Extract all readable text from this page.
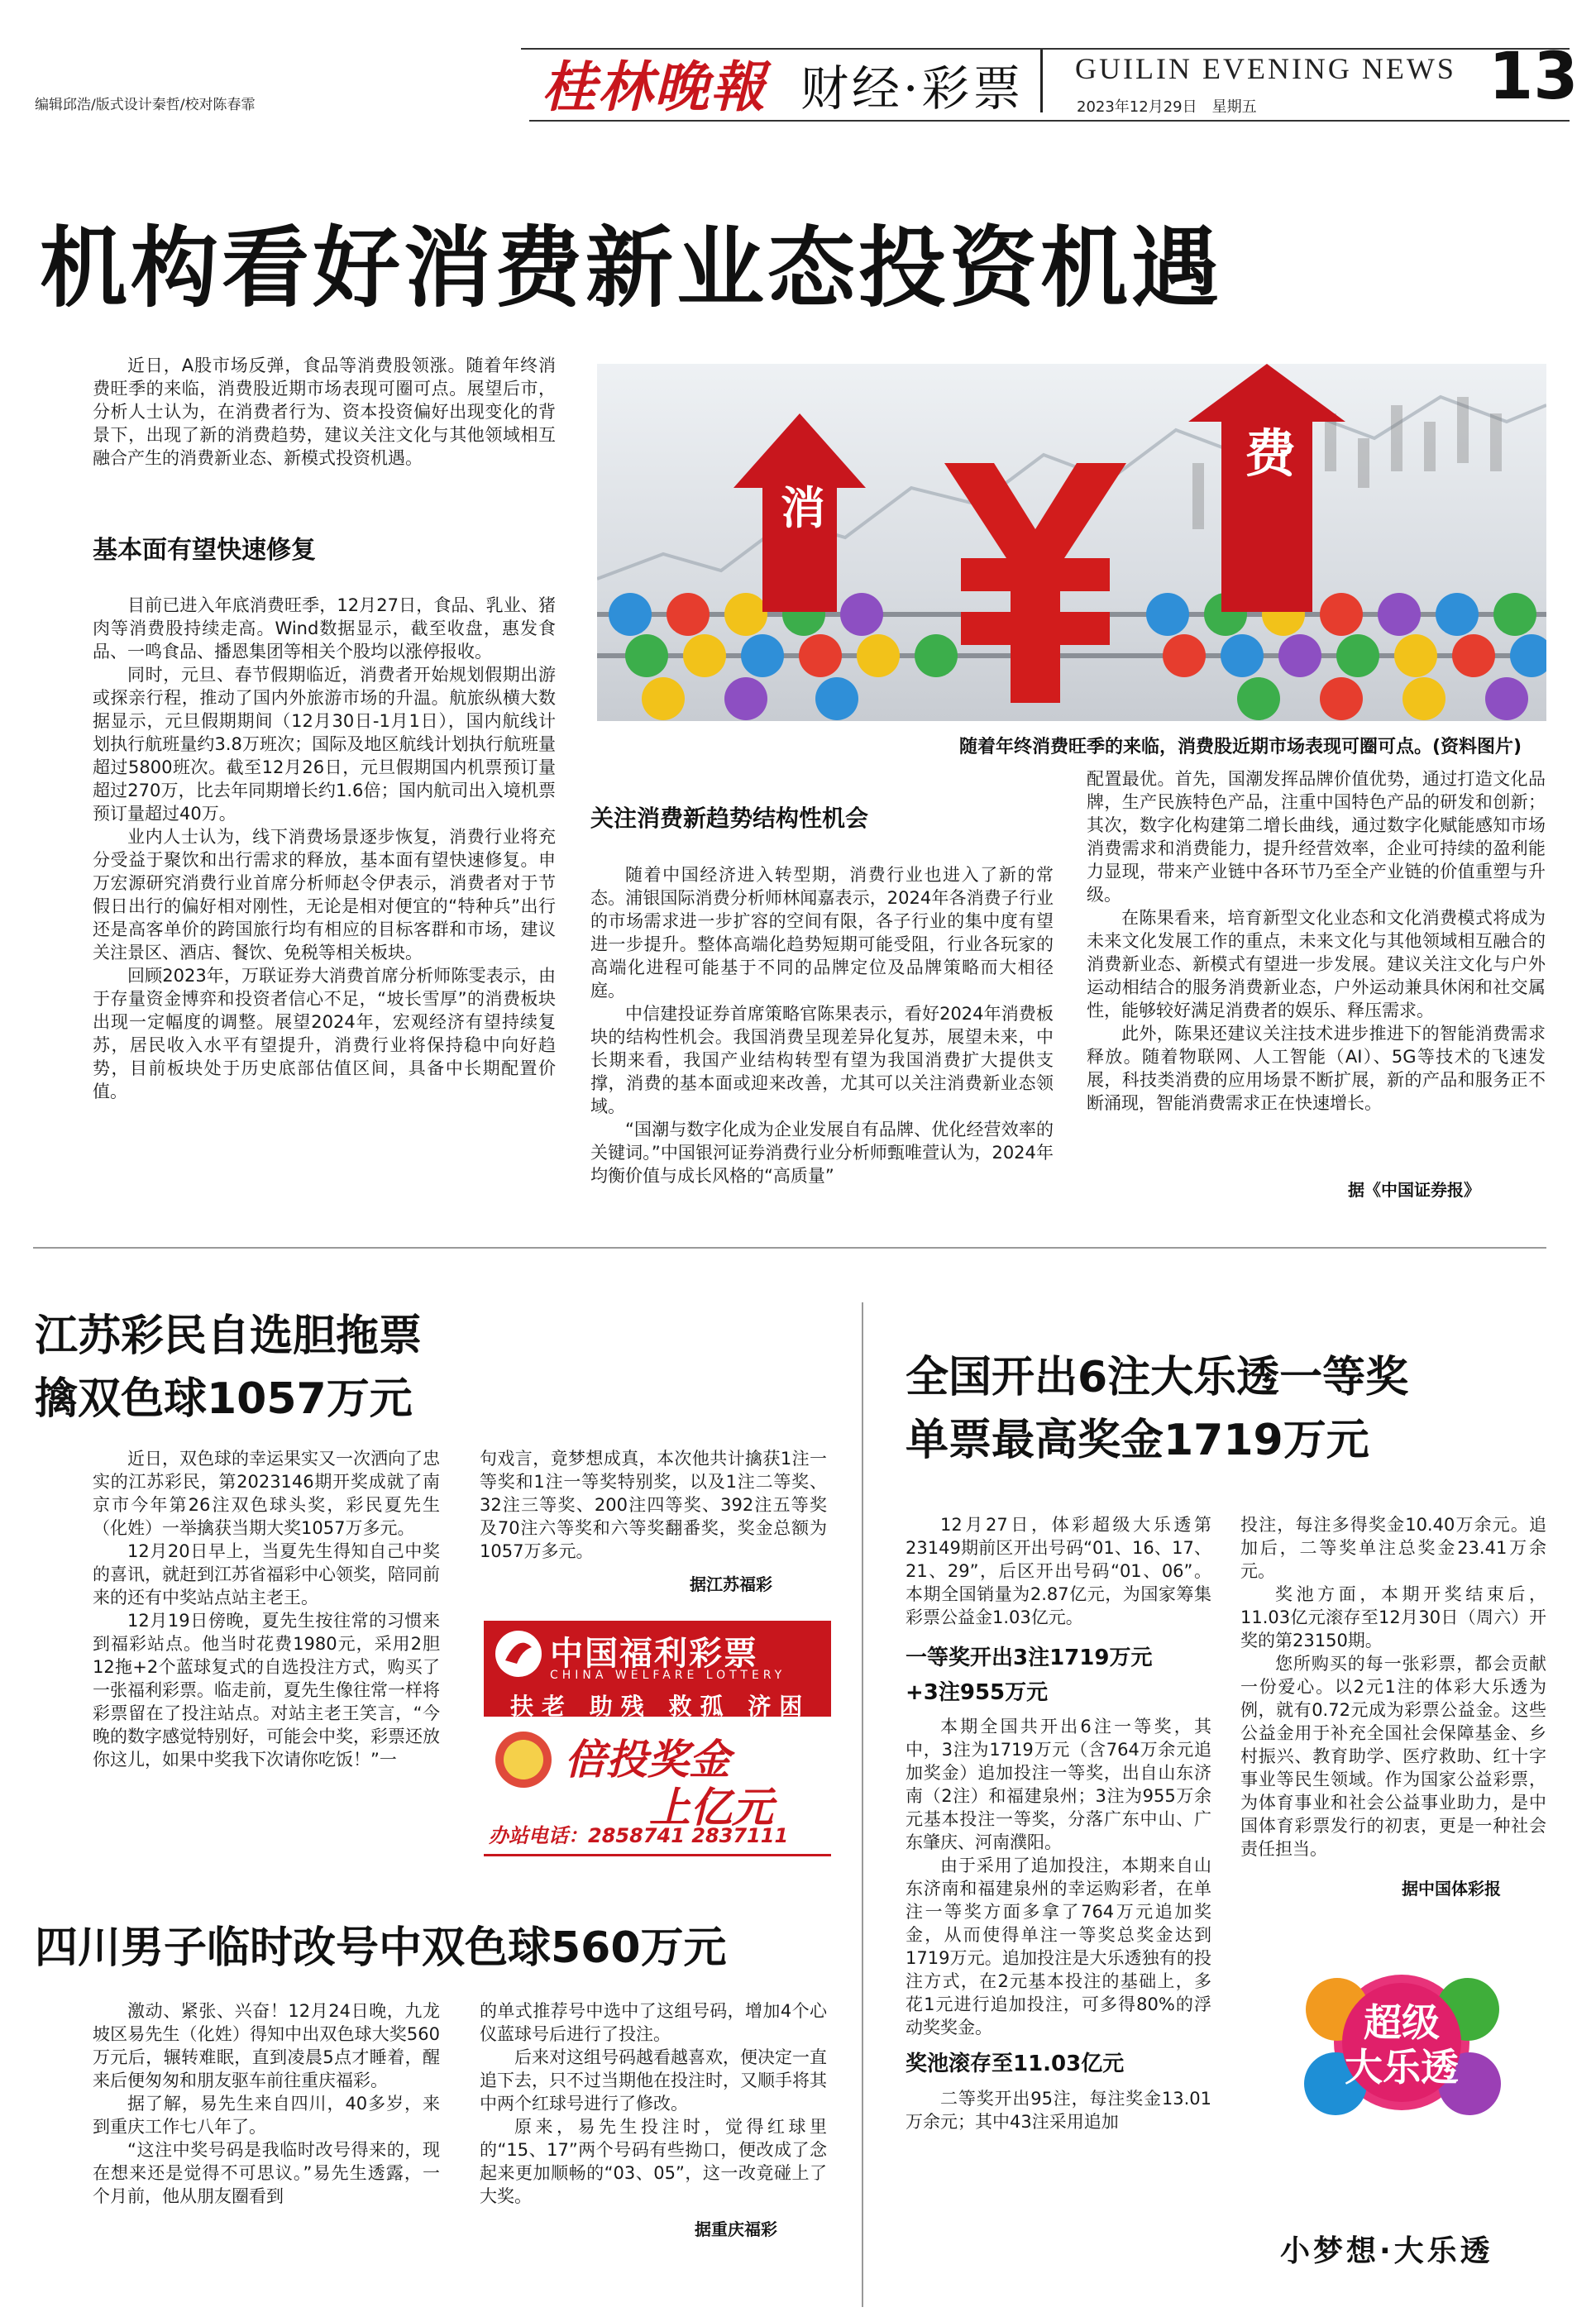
编辑邱浩/版式设计秦哲/校对陈春霏	桂林晚報 财经·彩票 GUILIN EVENING NEWS
2023年12月29日　星期五	13
机构看好消费新业态投资机遇

近日，A股市场反弹，食品等消费股领涨。随着年终消费旺季的来临，消费股近期市场表现可圈可点。展望后市，分析人士认为，在消费者行为、资本投资偏好出现变化的背景下，出现了新的消费趋势，建议关注文化与其他领域相互融合产生的消费新业态、新模式投资机遇。

基本面有望快速修复

目前已进入年底消费旺季，12月27日，食品、乳业、猪肉等消费股持续走高。Wind数据显示，截至收盘，惠发食品、一鸣食品、播恩集团等相关个股均以涨停报收。

同时，元旦、春节假期临近，消费者开始规划假期出游或探亲行程，推动了国内外旅游市场的升温。航旅纵横大数据显示，元旦假期期间（12月30日-1月1日），国内航线计划执行航班量约3.8万班次；国际及地区航线计划执行航班量超过5800班次。截至12月26日，元旦假期国内机票预订量超过270万，比去年同期增长约1.6倍；国内航司出入境机票预订量超过40万。

业内人士认为，线下消费场景逐步恢复，消费行业将充分受益于聚饮和出行需求的释放，基本面有望快速修复。申万宏源研究消费行业首席分析师赵令伊表示，消费者对于节假日出行的偏好相对刚性，无论是相对便宜的“特种兵”出行还是高客单价的跨国旅行均有相应的目标客群和市场，建议关注景区、酒店、餐饮、免税等相关板块。

回顾2023年，万联证券大消费首席分析师陈雯表示，由于存量资金博弈和投资者信心不足，“坡长雪厚”的消费板块出现一定幅度的调整。展望2024年，宏观经济有望持续复苏，居民收入水平有望提升，消费行业将保持稳中向好趋势，目前板块处于历史底部估值区间，具备中长期配置价值。

消
费
随着年终消费旺季的来临，消费股近期市场表现可圈可点。(资料图片)
关注消费新趋势结构性机会

随着中国经济进入转型期，消费行业也进入了新的常态。浦银国际消费分析师林闻嘉表示，2024年各消费子行业的市场需求进一步扩容的空间有限，各子行业的集中度有望进一步提升。整体高端化趋势短期可能受阻，行业各玩家的高端化进程可能基于不同的品牌定位及品牌策略而大相径庭。

中信建投证券首席策略官陈果表示，看好2024年消费板块的结构性机会。我国消费呈现差异化复苏，展望未来，中长期来看，我国产业结构转型有望为我国消费扩大提供支撑，消费的基本面或迎来改善，尤其可以关注消费新业态领域。

“国潮与数字化成为企业发展自有品牌、优化经营效率的关键词。”中国银河证券消费行业分析师甄唯萱认为，2024年均衡价值与成长风格的“高质量”

配置最优。首先，国潮发挥品牌价值优势，通过打造文化品牌，生产民族特色产品，注重中国特色产品的研发和创新；其次，数字化构建第二增长曲线，通过数字化赋能感知市场消费需求和消费能力，提升经营效率，企业可持续的盈利能力显现，带来产业链中各环节乃至全产业链的价值重塑与升级。

在陈果看来，培育新型文化业态和文化消费模式将成为未来文化发展工作的重点，未来文化与其他领域相互融合的消费新业态、新模式有望进一步发展。建议关注文化与户外运动相结合的服务消费新业态，户外运动兼具休闲和社交属性，能够较好满足消费者的娱乐、释压需求。

此外，陈果还建议关注技术进步推进下的智能消费需求释放。随着物联网、人工智能（AI）、5G等技术的飞速发展，科技类消费的应用场景不断扩展，新的产品和服务正不断涌现，智能消费需求正在快速增长。

据《中国证券报》
江苏彩民自选胆拖票
擒双色球1057万元

近日，双色球的幸运果实又一次洒向了忠实的江苏彩民，第2023146期开奖成就了南京市今年第26注双色球头奖，彩民夏先生（化姓）一举擒获当期大奖1057万多元。

12月20日早上，当夏先生得知自己中奖的喜讯，就赶到江苏省福彩中心领奖，陪同前来的还有中奖站点站主老王。

12月19日傍晚，夏先生按往常的习惯来到福彩站点。他当时花费1980元，采用2胆12拖+2个蓝球复式的自选投注方式，购买了一张福利彩票。临走前，夏先生像往常一样将彩票留在了投注站点。对站主老王笑言，“今晚的数字感觉特别好，可能会中奖，彩票还放你这儿，如果中奖我下次请你吃饭！”一

句戏言，竟梦想成真，本次他共计擒获1注一等奖和1注一等奖特别奖，以及1注二等奖、32注三等奖、200注四等奖、392注五等奖及70注六等奖和六等奖翻番奖，奖金总额为1057万多元。

据江苏福彩
中国福利彩票
CHINA WELFARE LOTTERY
扶老 助残 救孤 济困
倍投奖金
上亿元
办站电话：2858741 2837111
四川男子临时改号中双色球560万元

激动、紧张、兴奋！12月24日晚，九龙坡区易先生（化姓）得知中出双色球大奖560万元后，辗转难眠，直到凌晨5点才睡着，醒来后便匆匆和朋友驱车前往重庆福彩。

据了解，易先生来自四川，40多岁，来到重庆工作七八年了。

“这注中奖号码是我临时改号得来的，现在想来还是觉得不可思议。”易先生透露，一个月前，他从朋友圈看到

的单式推荐号中选中了这组号码，增加4个心仪蓝球号后进行了投注。

后来对这组号码越看越喜欢，便决定一直追下去，只不过当期他在投注时，又顺手将其中两个红球号进行了修改。

原来，易先生投注时，觉得红球里的“15、17”两个号码有些拗口，便改成了念起来更加顺畅的“03、05”，这一改竟碰上了大奖。

据重庆福彩
全国开出6注大乐透一等奖
单票最高奖金1719万元

12月27日，体彩超级大乐透第23149期前区开出号码“01、16、17、21、29”，后区开出号码“01、06”。本期全国销量为2.87亿元，为国家筹集彩票公益金1.03亿元。

一等奖开出3注1719万元
+3注955万元

本期全国共开出6注一等奖，其中，3注为1719万元（含764万余元追加奖金）追加投注一等奖，出自山东济南（2注）和福建泉州；3注为955万余元基本投注一等奖，分落广东中山、广东肇庆、河南濮阳。

由于采用了追加投注，本期来自山东济南和福建泉州的幸运购彩者，在单注一等奖方面多拿了764万元追加奖金，从而使得单注一等奖总奖金达到1719万元。追加投注是大乐透独有的投注方式，在2元基本投注的基础上，多花1元进行追加投注，可多得80%的浮动奖奖金。

奖池滚存至11.03亿元

二等奖开出95注，每注奖金13.01万余元；其中43注采用追加

投注，每注多得奖金10.40万余元。追加后，二等奖单注总奖金23.41万余元。

奖池方面，本期开奖结束后，11.03亿元滚存至12月30日（周六）开奖的第23150期。

您所购买的每一张彩票，都会贡献一份爱心。以2元1注的体彩大乐透为例，就有0.72元成为彩票公益金。这些公益金用于补充全国社会保障基金、乡村振兴、教育助学、医疗救助、红十字事业等民生领域。作为国家公益彩票，为体育事业和社会公益事业助力，是中国体育彩票发行的初衷，更是一种社会责任担当。

据中国体彩报
超级
大乐透
小梦想·大乐透
